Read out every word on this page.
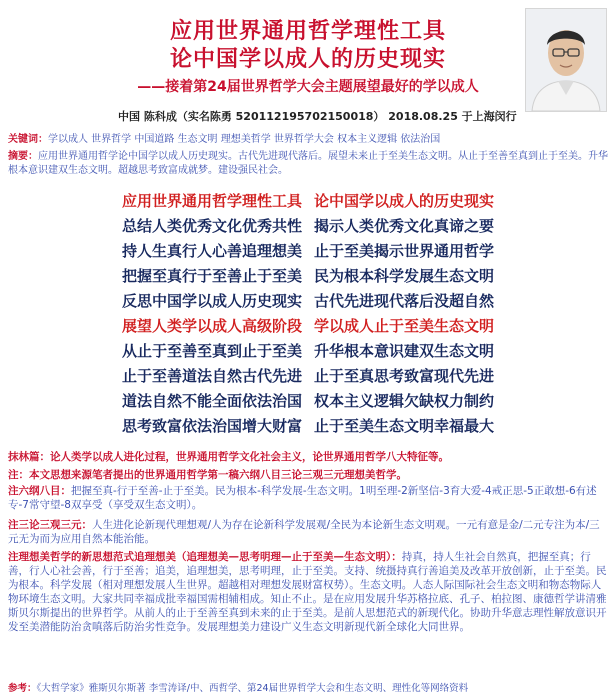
应用世界通用哲学理性工具
论中国学以成人的历史现实
——接着第24届世界哲学大会主题展望最好的学以成人
中国 陈科成（实名陈勇 520112195702150018） 2018.08.25 于上海闵行
关键词：学以成人 世界哲学 中国道路 生态文明 理想美哲学 世界哲学大会 权本主义逻辑 依法治国
摘要：应用世界通用哲学论中国学以成人历史现实。古代先进现代落后。展望未来止于至美生态文明。从止于至善至真到止于至美。升华根本意识建双生态文明。超越思考致富成就梦。建设强民社会。
应用世界通用哲学理性工具 论中国学以成人的历史现实
总结人类优秀文化优秀共性 揭示人类优秀文化真谛之要
持人生真行人心善追理想美 止于至美揭示世界通用哲学
把握至真行于至善止于至美 民为根本科学发展生态文明
反思中国学以成人历史现实 古代先进现代落后没超自然
展望人类学以成人高级阶段 学以成人止于至美生态文明
从止于至善至真到止于至美 升华根本意识建双生态文明
止于至善道法自然古代先进 止于至真思考致富现代先进
道法自然不能全面依法治国 权本主义逻辑欠缺权力制约
思考致富依法治国增大财富 止于至美生态文明幸福最大
抹林篇：论人类学以成人进化过程，世界通用哲学文化社会主义，论世界通用哲学八大特征等。
注：本文思想来源笔者提出的世界通用哲学第一稿六纲八目三论三观三元理想美哲学。
注六纲八目：把握至真-行于至善-止于至美。民为根本-科学发展-生态文明。1明至理-2新坚信-3育大爱-4戒正思-5正敢想-6有述专-7常守望-8双享受（享受双生态文明）。
注三论三观三元：人生进化论新现代理想观/人为存在论新科学发展观/全民为本论新生态文明观。一元有意是金/二元专注为本/三元无为而为应用自然本能治能。
注理想美哲学的新思想范式追理想美（追理想美—思考明理—止于至美—生态文明）：持真，持人生社会自然真，把握至真；行善，行人心社会善，行于至善；追美，追理想美，思考明理，止于至美。支持、统摄持真行善追美及改革开放创新，止于至美。民为根本。科学发展（相对理想发展人生世界。超越相对理想发展财富权势）。生态文明。人态人际国际社会生态文明和物态物际人物环境生态文明。大家共同幸福成批幸福国需相辅相成。知止不止。是在应用发展升华苏格拉底、孔子、柏拉图、康德哲学讲清雅斯贝尔斯提出的世界哲学。从前人的止于至善至真到未来的止于至美。是前人思想范式的新现代化。协助升华意志理性解放意识开发至美潜能防治贪嗔落后防治劣性竞争。发展理想美力建设广义生态文明新现代新全球化大同世界。
参考：《大哲学家》雅斯贝尔斯著 李雪涛译/中、西哲学、第24届世界哲学大会和生态文明、理性化等网络资料
